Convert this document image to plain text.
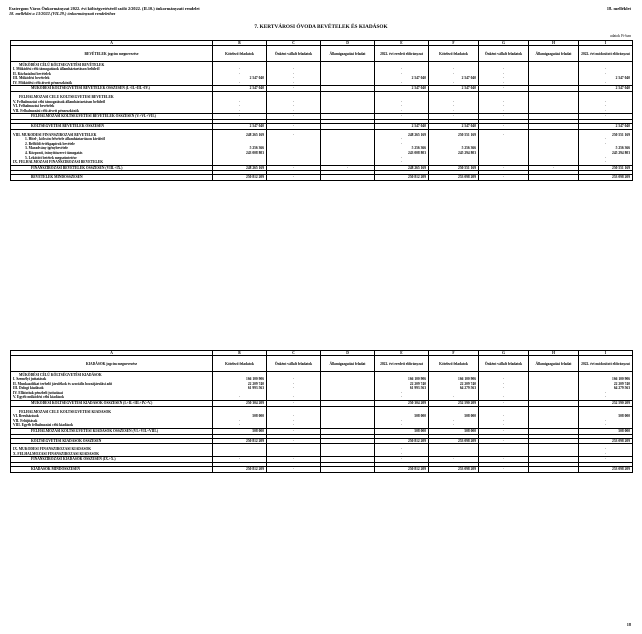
Esztergom Város Önkormányzat 2022. évi költségvetéséről szóló 2/2022. (II.10.) önkormányzati rendelet
18. melléklet a 13/2022.(VII.29.) önkormányzati rendelethez
18. melléklet
7. KERTVÁROSI ÓVODA BEVÉTELEK ÉS KIADÁSOK
adatok Ft-ban
A	B	C	D	E	F	G	H	I
BEVÉTELEK jogcím megnevezése	Kötelező feladatok	Önként vállalt feladatok	Államigazgatási feladat	2022. évi eredeti előirányzat	Kötelező feladatok	Önként vállalt feladatok	Államigazgatási feladat	2022. évi módosított előirányzat
MŰKÖDÉSI CÉLÚ KÖLTSEGVETÉSI BEVÉTELEK								
I. Működési célú támogatások államháztartáson belülről	-	-		-	-	-		-
II. Közhatalmi bevételek	-	-		-	-	-		-
III. Működési bevételek	2 547 040	-		2 547 040	2 547 040	-		2 547 040
IV. Működési célú átvett pénzeszközök	-	-		-	-	-		-
MŰKÖDÉSI KÖLTSÉGVETÉSI BEVÉTELEK ÖSSZESEN (I.+II.+III.+IV.)	2 547 040	-		2 547 040	2 547 040	-		2 547 040

FELHALMOZÁSI CÉLÚ KÖLTSÉGVETÉSI BEVÉTELEK								
V. Felhalmozási célú támogatások államháztartáson belülről	-	-		-	-	-		-
VI. Felhalmozási bevételek	-	-		-	-	-		-
VII. Felhalmozási célú átvett pénzeszközök	-	-		-	-	-		-
FELHALMOZÁSI KÖLTSÉGVETÉSI BEVÉTELEK ÖSSZESEN (V.+VI.+VII.)	-	-		-	-	-		-

KÖLTSÉGVETÉSI BEVÉTELEK ÖSSZESEN	2 547 040	-		2 547 040	2 547 040	-		2 547 040

VIII. MŰKÖDÉSI FINANSZÍROZÁSI BEVÉTELEK	248 265 169	-		248 265 169	250 551 169	-		250 551 169
1. Hitel-, kölcsön felvétele államháztartáson kívülről				-				-
2. Belföldi értékpapírok bevétele				-				-
3. Maradvány igénybevétele	5 256 366			5 256 366	5 256 366			5 256 366
4. Központi, irányítószervi támogatás	243 008 803			243 008 803	245 294 803			245 294 803
5. Lekötött betétek megszüntetése				-				-
IX. FELHALMOZÁSI FINANSZÍROZÁSI BEVÉTELEK				-				-
FINANSZÍROZÁSI BEVÉTELEK ÖSSZESEN (VIII.+IX.)	248 265 169	-	-	248 265 169	250 551 169	-	-	250 551 169

BEVÉTELEK MINDÖSSZESEN	250 812 209	-		250 812 209	253 098 209	-		253 098 209
A	B	C	D	E	F	G	H	I
KIADÁSOK jogcím megnevezése	Kötelező feladatok	Önként vállalt feladatok	Államigazgatási feladat	2022. évi eredeti előirányzat	Kötelező feladatok	Önként vállalt feladatok	Államigazgatási feladat	2022. évi módosított előirányzat
MŰKÖDÉSI CÉLÚ KÖLTSÉGVETÉSI KIADÁSOK								
I. Személyi juttatások	166 100 906	-		166 100 906	166 100 906	-		166 100 906
II. Munkaadókat terhelő járulékok és szociális hozzájárulási adó	22 209 740	-		22 209 740	22 209 740	-		22 209 740
III. Dologi kiadások	61 993 563	-		61 993 563	64 279 563	-		64 279 563
IV. Ellátottak pénzbeli juttatásai				-				-
V. Egyéb működési célú kiadások	-	-		-	-	-		-
MŰKÖDÉSI KÖLTSÉGVETÉSI KIADÁSOK ÖSSZESEN (I.+II.+III.+IV.+V.)	250 304 209	-		250 304 209	252 590 209	-		252 590 209

FELHALMOZÁSI CÉLÚ KÖLTSÉGVETÉSI KIADÁSOK								
VI. Beruházások	508 000	-		508 000	508 000	-		508 000
VII. Felújítások	-	-		-	-	-		-
VIII. Egyéb felhalmozási célú kiadások	-	-		-	-	-		-
FELHALMOZÁSI KÖLTSÉGVETÉSI KIADÁSOK ÖSSZESEN (VI.+VII.+VIII.)	508 000	-		508 000	508 000	-		508 000

KÖLTSÉGVETÉSI KIADÁSOK ÖSSZESEN	250 812 209	-		250 812 209	253 098 209	-		253 098 209

IX. MŰKÖDÉSI FINANSZÍROZÁSI KIADÁSOK				-				-
X. FELHALMOZÁSI FINANSZÍROZÁSI KIADÁSOK				-				-
FINANSZÍROZÁSI KIADÁSOK ÖSSZESEN (IX.+X.)	-	-		-	-	-		-

KIADÁSOK MINDÖSSZESEN	250 812 209	-		250 812 209	253 098 209	-		253 098 209
18
